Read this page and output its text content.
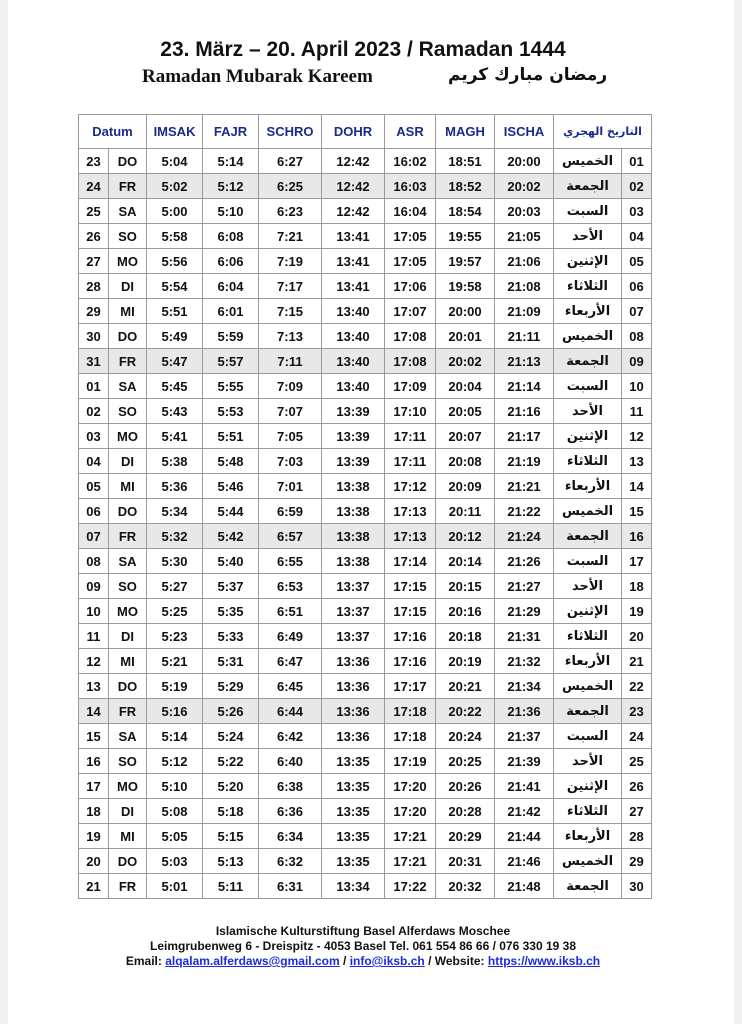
23. März – 20. April 2023 / Ramadan 1444
Ramadan Mubarak Kareem	رمضان مبارك كريم
Datum		IMSAK	FAJR	SCHRO	DOHR	ASR	MAGH	ISCHA	التاريخ الهجري	
23	DO	5:04	5:14	6:27	12:42	16:02	18:51	20:00	الخميس	01
24	FR	5:02	5:12	6:25	12:42	16:03	18:52	20:02	الجمعة	02
25	SA	5:00	5:10	6:23	12:42	16:04	18:54	20:03	السبت	03
26	SO	5:58	6:08	7:21	13:41	17:05	19:55	21:05	الأحد	04
27	MO	5:56	6:06	7:19	13:41	17:05	19:57	21:06	الإثنين	05
28	DI	5:54	6:04	7:17	13:41	17:06	19:58	21:08	الثلاثاء	06
29	MI	5:51	6:01	7:15	13:40	17:07	20:00	21:09	الأربعاء	07
30	DO	5:49	5:59	7:13	13:40	17:08	20:01	21:11	الخميس	08
31	FR	5:47	5:57	7:11	13:40	17:08	20:02	21:13	الجمعة	09
01	SA	5:45	5:55	7:09	13:40	17:09	20:04	21:14	السبت	10
02	SO	5:43	5:53	7:07	13:39	17:10	20:05	21:16	الأحد	11
03	MO	5:41	5:51	7:05	13:39	17:11	20:07	21:17	الإثنين	12
04	DI	5:38	5:48	7:03	13:39	17:11	20:08	21:19	الثلاثاء	13
05	MI	5:36	5:46	7:01	13:38	17:12	20:09	21:21	الأربعاء	14
06	DO	5:34	5:44	6:59	13:38	17:13	20:11	21:22	الخميس	15
07	FR	5:32	5:42	6:57	13:38	17:13	20:12	21:24	الجمعة	16
08	SA	5:30	5:40	6:55	13:38	17:14	20:14	21:26	السبت	17
09	SO	5:27	5:37	6:53	13:37	17:15	20:15	21:27	الأحد	18
10	MO	5:25	5:35	6:51	13:37	17:15	20:16	21:29	الإثنين	19
11	DI	5:23	5:33	6:49	13:37	17:16	20:18	21:31	الثلاثاء	20
12	MI	5:21	5:31	6:47	13:36	17:16	20:19	21:32	الأربعاء	21
13	DO	5:19	5:29	6:45	13:36	17:17	20:21	21:34	الخميس	22
14	FR	5:16	5:26	6:44	13:36	17:18	20:22	21:36	الجمعة	23
15	SA	5:14	5:24	6:42	13:36	17:18	20:24	21:37	السبت	24
16	SO	5:12	5:22	6:40	13:35	17:19	20:25	21:39	الأحد	25
17	MO	5:10	5:20	6:38	13:35	17:20	20:26	21:41	الإثنين	26
18	DI	5:08	5:18	6:36	13:35	17:20	20:28	21:42	الثلاثاء	27
19	MI	5:05	5:15	6:34	13:35	17:21	20:29	21:44	الأربعاء	28
20	DO	5:03	5:13	6:32	13:35	17:21	20:31	21:46	الخميس	29
21	FR	5:01	5:11	6:31	13:34	17:22	20:32	21:48	الجمعة	30
Islamische Kulturstiftung Basel Alferdaws Moschee
Leimgrubenweg 6 - Dreispitz - 4053 Basel Tel. 061 554 86 66 / 076 330 19 38
Email: alqalam.alferdaws@gmail.com / info@iksb.ch / Website: https://www.iksb.ch
